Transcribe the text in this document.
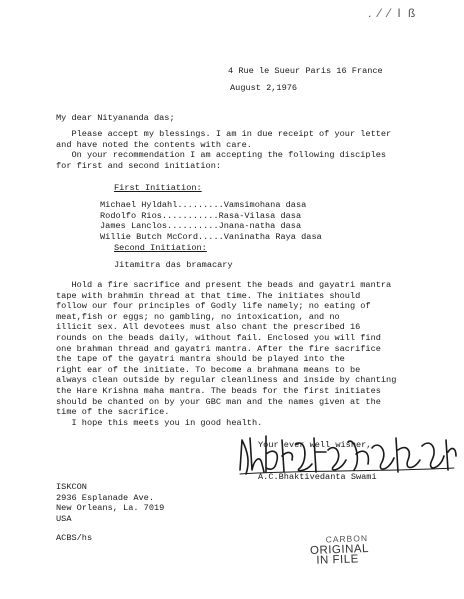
. ⁄ ⁄ I ß
4 Rue le Sueur Paris 16 France
August 2,1976
My dear Nityananda das;
Please accept my blessings. I am in due receipt of your letter
and have noted the contents with care.
On your recommendation I am accepting the following disciples
for first and second initiation:
First Initiation:
Michael Hyldahl.........Vamsimohana dasa
Rodolfo Rios...........Rasa-Vilasa dasa
James Lanclos..........Jnana-natha dasa
Willie Butch McCord.....Vaninatha Raya dasa
Second Initiation:
Jitamitra das bramacary
Hold a fire sacrifice and present the beads and gayatri mantra
tape with brahmin thread at that time. The initiates should
follow our four principles of Godly life namely; no eating of
meat,fish or eggs; no gambling, no intoxication, and no
illicit sex. All devotees must also chant the prescribed 16
rounds on the beads daily, without fail. Enclosed you will find
one brahman thread and gayatri mantra. After the fire sacrifice
the tape of the gayatri mantra should be played into the
right ear of the initiate. To become a brahmana means to be
always clean outside by regular cleanliness and inside by chanting
the Hare Krishna maha mantra. The beads for the first initiates
should be chanted on by your GBC man and the names given at the
time of the sacrifice.
I hope this meets you in good health.
Your ever well wisher,
A.C.Bhaktivedanta Swami
ISKCON
2936 Esplanade Ave.
New Orleans, La. 7019
USA
ACBS/hs	CARBON
ORIGINAL
IN FILE
